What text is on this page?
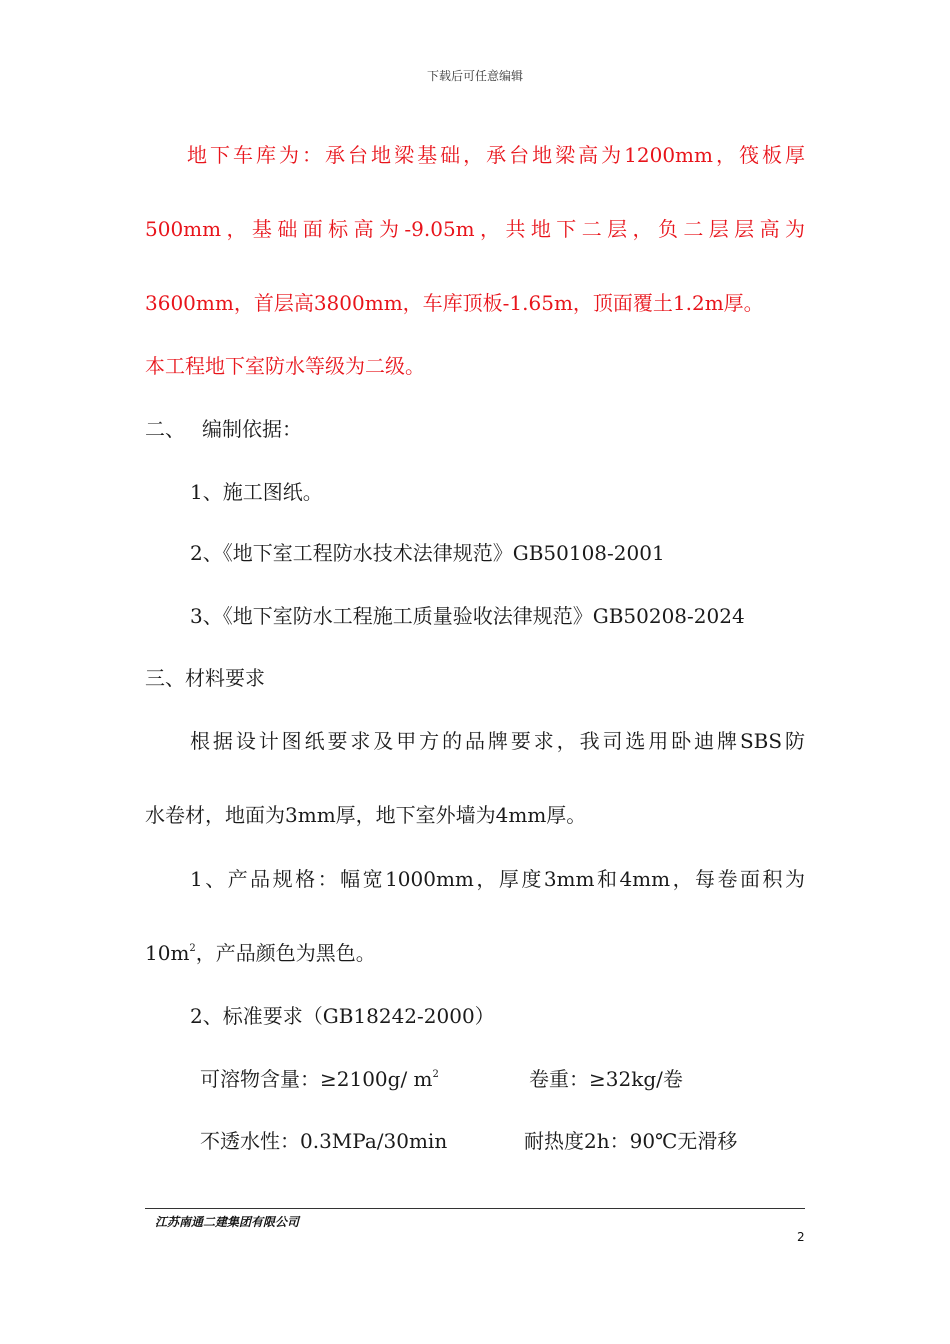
下载后可任意编辑
地下车库为：承台地梁基础，承台地梁高为1200mm，筏板厚
500mm，基础面标高为-9.05m，共地下二层，负二层层高为
3600mm，首层高3800mm，车库顶板-1.65m，顶面覆土1.2m厚。
本工程地下室防水等级为二级。
二、 编制依据：
1、施工图纸。
2、《地下室工程防水技术法律规范》GB50108-2001
3、《地下室防水工程施工质量验收法律规范》GB50208-2024
三、材料要求
根据设计图纸要求及甲方的品牌要求，我司选用卧迪牌SBS防
水卷材，地面为3mm厚，地下室外墙为4mm厚。
1、产品规格：幅宽1000mm，厚度3mm和4mm，每卷面积为
$10m^2$，产品颜色为黑色。
2、标准要求（GB18242-2000）
可溶物含量：≥2100g/ $m^2$	卷重：≥32kg/卷
不透水性：0.3MPa/30min	耐热度2h：90℃无滑移
江苏南通二建集团有限公司
2
